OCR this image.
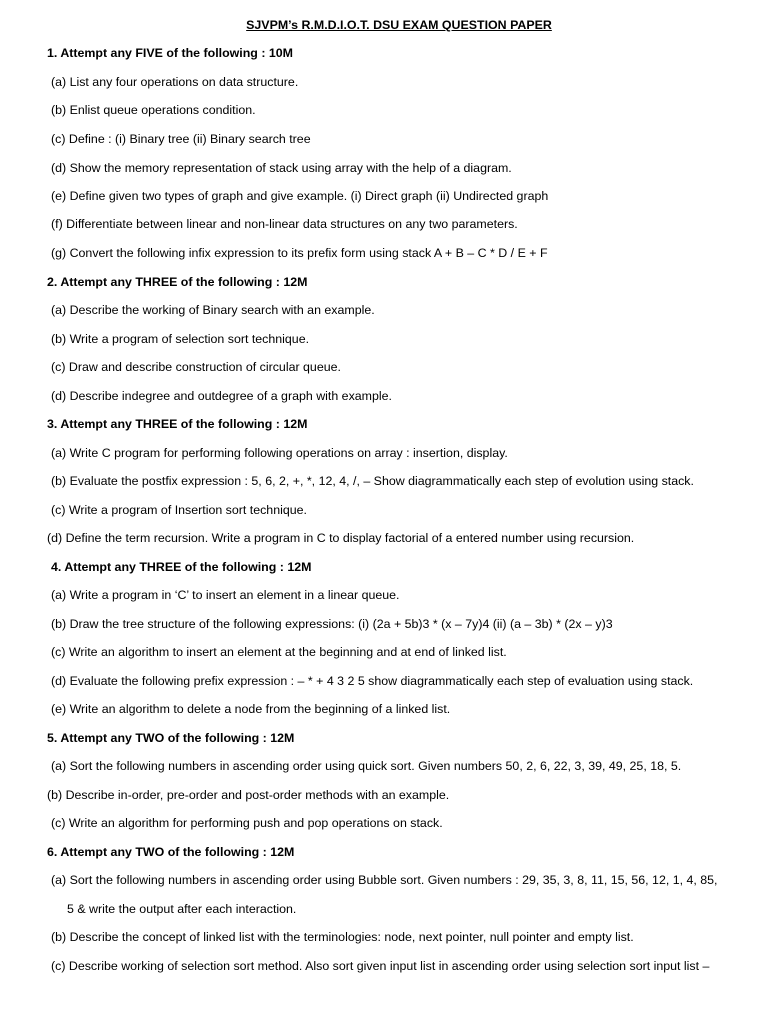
SJVPM’s R.M.D.I.O.T. DSU EXAM QUESTION PAPER
1. Attempt any FIVE of the following : 10M
(a) List any four operations on data structure.
(b) Enlist queue operations condition.
(c) Define : (i) Binary tree (ii) Binary search tree
(d) Show the memory representation of stack using array with the help of a diagram.
(e) Define given two types of graph and give example. (i) Direct graph (ii) Undirected graph
(f) Differentiate between linear and non-linear data structures on any two parameters.
(g) Convert the following infix expression to its prefix form using stack A + B – C * D / E + F
2. Attempt any THREE of the following : 12M
(a) Describe the working of Binary search with an example.
(b) Write a program of selection sort technique.
(c) Draw and describe construction of circular queue.
(d) Describe indegree and outdegree of a graph with example.
3. Attempt any THREE of the following : 12M
(a) Write C program for performing following operations on array : insertion, display.
(b) Evaluate the postfix expression : 5, 6, 2, +, *, 12, 4, /, – Show diagrammatically each step of evolution using stack.
(c) Write a program of Insertion sort technique.
(d) Define the term recursion. Write a program in C to display factorial of a entered number using recursion.
4. Attempt any THREE of the following : 12M
(a) Write a program in ‘C’ to insert an element in a linear queue.
(b) Draw the tree structure of the following expressions: (i) (2a + 5b)3 * (x – 7y)4 (ii) (a – 3b) * (2x – y)3
(c) Write an algorithm to insert an element at the beginning and at end of linked list.
(d) Evaluate the following prefix expression : – * + 4 3 2 5 show diagrammatically each step of evaluation using stack.
(e) Write an algorithm to delete a node from the beginning of a linked list.
5. Attempt any TWO of the following : 12M
(a) Sort the following numbers in ascending order using quick sort. Given numbers 50, 2, 6, 22, 3, 39, 49, 25, 18, 5.
(b) Describe in-order, pre-order and post-order methods with an example.
(c) Write an algorithm for performing push and pop operations on stack.
6. Attempt any TWO of the following : 12M
(a) Sort the following numbers in ascending order using Bubble sort. Given numbers : 29, 35, 3, 8, 11, 15, 56, 12, 1, 4, 85,
5 & write the output after each interaction.
(b) Describe the concept of linked list with the terminologies: node, next pointer, null pointer and empty list.
(c) Describe working of selection sort method. Also sort given input list in ascending order using selection sort input list –
